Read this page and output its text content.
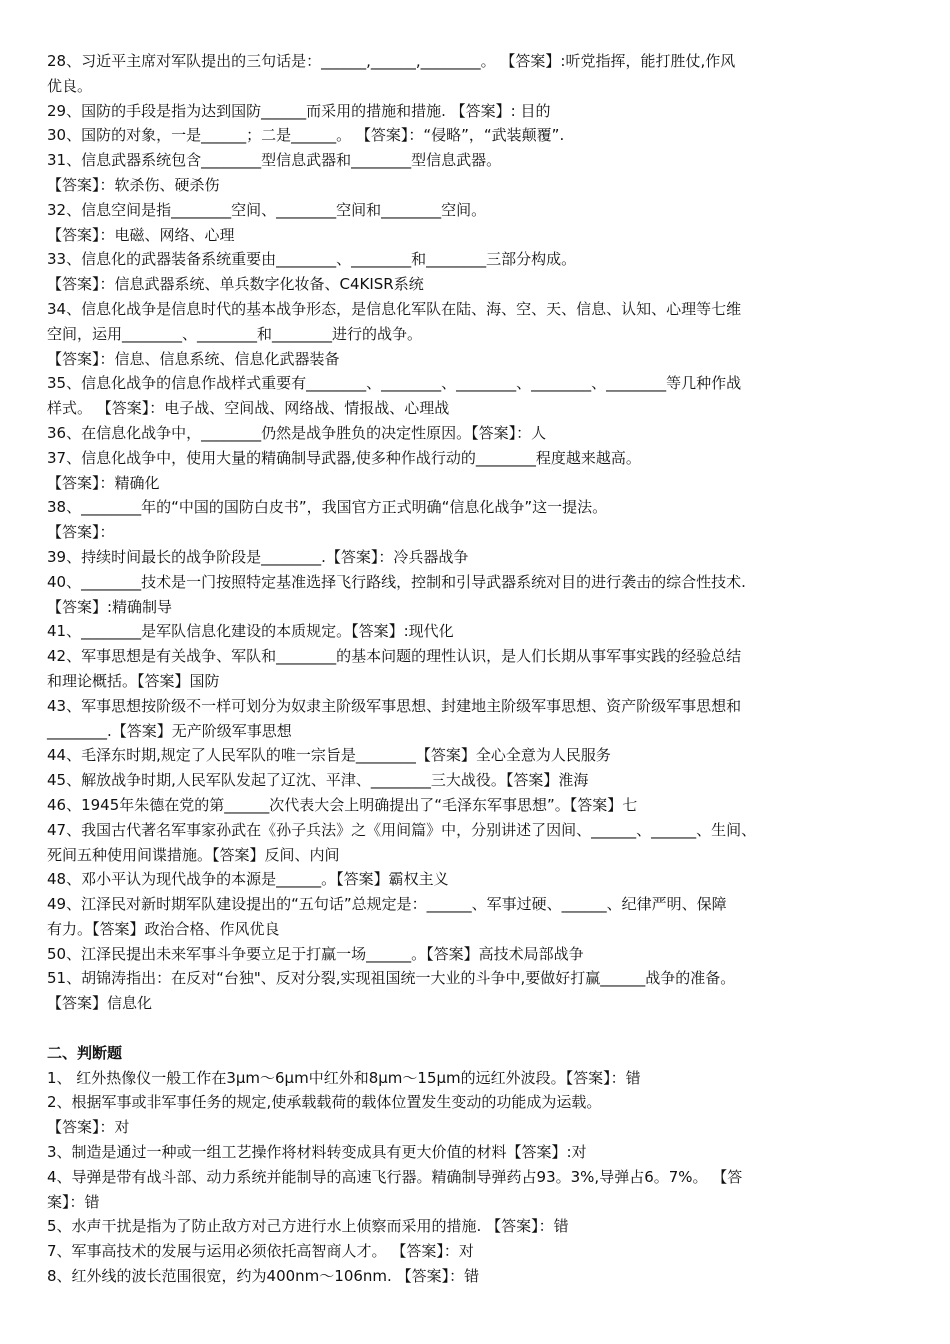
28、习近平主席对军队提出的三句话是：______,______,________。 【答案】:听党指挥，能打胜仗,作风
优良。
29、国防的手段是指为达到国防______而采用的措施和措施. 【答案】: 目的
30、国防的对象，一是______；二是______。 【答案】：“侵略”，“武装颠覆”.
31、信息武器系统包含________型信息武器和________型信息武器。
【答案】：软杀伤、硬杀伤
32、信息空间是指________空间、________空间和________空间。
【答案】：电磁、网络、心理
33、信息化的武器装备系统重要由________、________和________三部分构成。
【答案】：信息武器系统、单兵数字化妆备、C4KISR系统
34、信息化战争是信息时代的基本战争形态，是信息化军队在陆、海、空、天、信息、认知、心理等七维
空间，运用________、________和________进行的战争。
【答案】：信息、信息系统、信息化武器装备
35、信息化战争的信息作战样式重要有________、________、________、________、________等几种作战
样式。 【答案】：电子战、空间战、网络战、情报战、心理战
36、在信息化战争中，________仍然是战争胜负的决定性原因。【答案】：人
37、信息化战争中，使用大量的精确制导武器,使多种作战行动的________程度越来越高。
【答案】：精确化
38、________年的“中国的国防白皮书”，我国官方正式明确“信息化战争”这一提法。
【答案】：
39、持续时间最长的战争阶段是________.【答案】：冷兵器战争
40、________技术是一门按照特定基准选择飞行路线，控制和引导武器系统对目的进行袭击的综合性技术.
【答案】:精确制导
41、________是军队信息化建设的本质规定。【答案】:现代化
42、军事思想是有关战争、军队和________的基本问题的理性认识，是人们长期从事军事实践的经验总结
和理论概括。【答案】国防
43、军事思想按阶级不一样可划分为奴隶主阶级军事思想、封建地主阶级军事思想、资产阶级军事思想和
________.【答案】无产阶级军事思想
44、毛泽东时期,规定了人民军队的唯一宗旨是________【答案】全心全意为人民服务
45、解放战争时期,人民军队发起了辽沈、平津、________三大战役。【答案】淮海
46、1945年朱德在党的第______次代表大会上明确提出了“毛泽东军事思想”。【答案】七
47、我国古代著名军事家孙武在《孙子兵法》之《用间篇》中，分别讲述了因间、______、______、生间、
死间五种使用间谍措施。【答案】反间、内间
48、邓小平认为现代战争的本源是______。【答案】霸权主义
49、江泽民对新时期军队建设提出的“五句话”总规定是：______、军事过硬、______、纪律严明、保障
有力。【答案】政治合格、作风优良
50、江泽民提出未来军事斗争要立足于打赢一场______。【答案】高技术局部战争
51、胡锦涛指出：在反对“台独"、反对分裂,实现祖国统一大业的斗争中,要做好打赢______战争的准备。
【答案】信息化
二、判断题
1、 红外热像仪一般工作在3μm～6μm中红外和8μm～15μm的远红外波段。【答案】：错
2、根据军事或非军事任务的规定,使承载载荷的载体位置发生变动的功能成为运载。
【答案】：对
3、制造是通过一种或一组工艺操作将材料转变成具有更大价值的材料【答案】:对
4、导弹是带有战斗部、动力系统并能制导的高速飞行器。精确制导弹药占93。3%,导弹占6。7%。 【答
案】：错
5、水声干扰是指为了防止敌方对己方进行水上侦察而采用的措施. 【答案】：错
7、军事高技术的发展与运用必须依托高智商人才。 【答案】：对
8、红外线的波长范围很宽，约为400nm～106nm. 【答案】：错
